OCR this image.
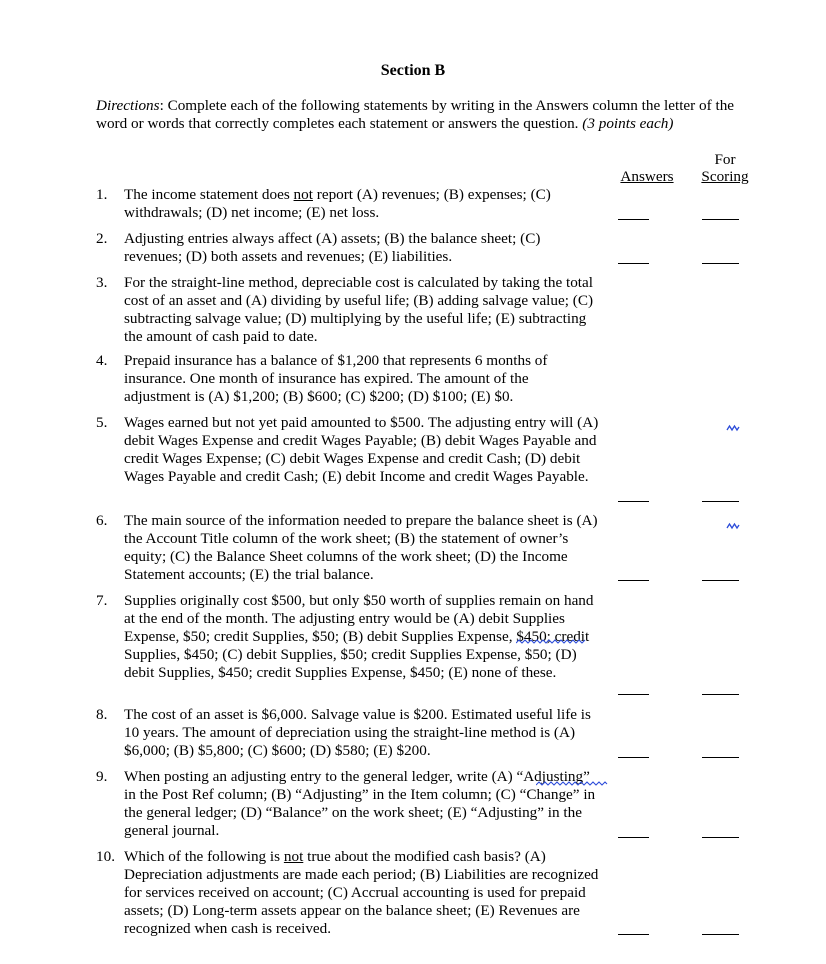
Section B
Directions: Complete each of the following statements by writing in the Answers column the letter of the word or words that correctly completes each statement or answers the question. (3 points each)
Answers
For
Scoring
1.	The income statement does not report (A) revenues; (B) expenses; (C) withdrawals; (D) net income; (E) net loss.
2.	Adjusting entries always affect (A) assets; (B) the balance sheet; (C) revenues; (D) both assets and revenues; (E) liabilities.
3.	For the straight-line method, depreciable cost is calculated by taking the total cost of an asset and (A) dividing by useful life; (B) adding salvage value; (C) subtracting salvage value; (D) multiplying by the useful life; (E) subtracting the amount of cash paid to date.
4.	Prepaid insurance has a balance of $1,200 that represents 6 months of insurance. One month of insurance has expired. The amount of the adjustment is (A) $1,200; (B) $600; (C) $200; (D) $100; (E) $0.
5.	Wages earned but not yet paid amounted to $500. The adjusting entry will (A) debit Wages Expense and credit Wages Payable; (B) debit Wages Payable and credit Wages Expense; (C) debit Wages Expense and credit Cash; (D) debit Wages Payable and credit Cash; (E) debit Income and credit Wages Payable.
6.	The main source of the information needed to prepare the balance sheet is (A) the Account Title column of the work sheet; (B) the statement of owner’s equity; (C) the Balance Sheet columns of the work sheet; (D) the Income Statement accounts; (E) the trial balance.
7.	Supplies originally cost $500, but only $50 worth of supplies remain on hand at the end of the month. The adjusting entry would be (A) debit Supplies Expense, $50; credit Supplies, $50; (B) debit Supplies Expense, $450; credit Supplies, $450; (C) debit Supplies, $50; credit Supplies Expense, $50; (D) debit Supplies, $450; credit Supplies Expense, $450; (E) none of these.
8.	The cost of an asset is $6,000. Salvage value is $200. Estimated useful life is 10 years. The amount of depreciation using the straight-line method is (A) $6,000; (B) $5,800; (C) $600; (D) $580; (E) $200.
9.	When posting an adjusting entry to the general ledger, write (A) “Adjusting” in the Post Ref column; (B) “Adjusting” in the Item column; (C) “Change” in the general ledger; (D) “Balance” on the work sheet; (E) “Adjusting” in the general journal.
10. Which of the following is not true about the modified cash basis? (A) Depreciation adjustments are made each period; (B) Liabilities are recognized for services received on account; (C) Accrual accounting is used for prepaid assets; (D) Long-term assets appear on the balance sheet; (E) Revenues are recognized when cash is received.
